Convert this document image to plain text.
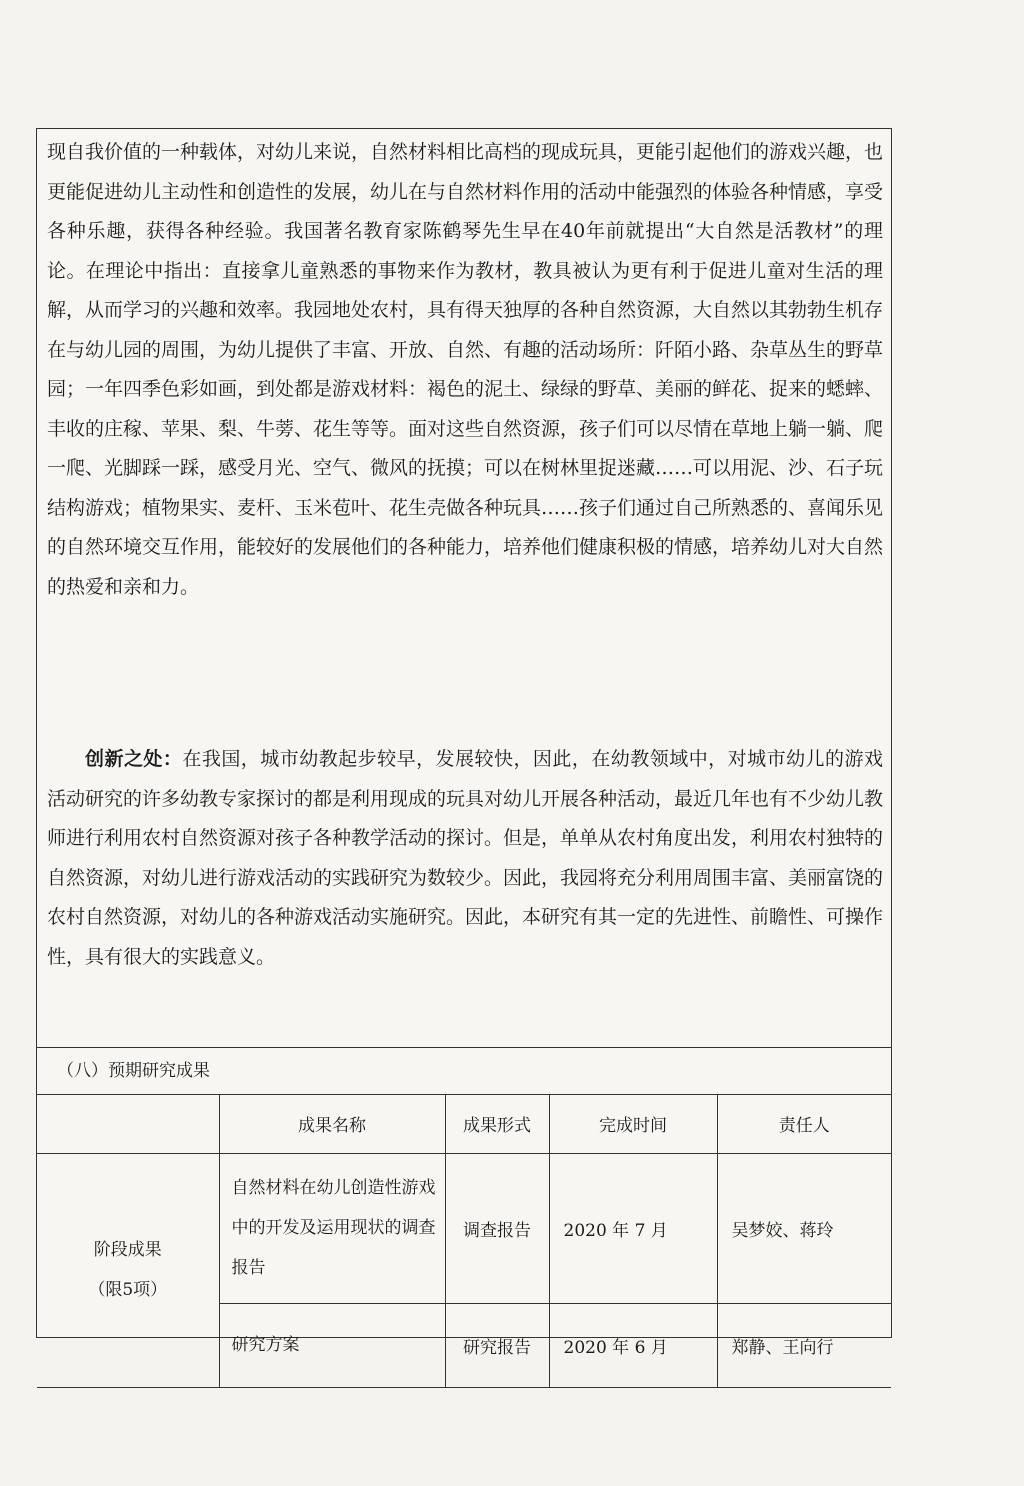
现自我价值的一种载体，对幼儿来说，自然材料相比高档的现成玩具，更能引起他们的游戏兴趣，也更能促进幼儿主动性和创造性的发展，幼儿在与自然材料作用的活动中能强烈的体验各种情感，享受各种乐趣，获得各种经验。我国著名教育家陈鹤琴先生早在40年前就提出“大自然是活教材”的理论。在理论中指出：直接拿儿童熟悉的事物来作为教材，教具被认为更有利于促进儿童对生活的理解，从而学习的兴趣和效率。我园地处农村，具有得天独厚的各种自然资源，大自然以其勃勃生机存在与幼儿园的周围，为幼儿提供了丰富、开放、自然、有趣的活动场所：阡陌小路、杂草丛生的野草园；一年四季色彩如画，到处都是游戏材料：褐色的泥土、绿绿的野草、美丽的鲜花、捉来的蟋蟀、丰收的庄稼、苹果、梨、牛蒡、花生等等。面对这些自然资源，孩子们可以尽情在草地上躺一躺、爬一爬、光脚踩一踩，感受月光、空气、微风的抚摸；可以在树林里捉迷藏……可以用泥、沙、石子玩结构游戏；植物果实、麦杆、玉米苞叶、花生壳做各种玩具……孩子们通过自己所熟悉的、喜闻乐见的自然环境交互作用，能较好的发展他们的各种能力，培养他们健康积极的情感，培养幼儿对大自然的热爱和亲和力。

创新之处：在我国，城市幼教起步较早，发展较快，因此，在幼教领域中，对城市幼儿的游戏活动研究的许多幼教专家探讨的都是利用现成的玩具对幼儿开展各种活动，最近几年也有不少幼儿教师进行利用农村自然资源对孩子各种教学活动的探讨。但是，单单从农村角度出发，利用农村独特的自然资源，对幼儿进行游戏活动的实践研究为数较少。因此，我园将充分利用周围丰富、美丽富饶的农村自然资源，对幼儿的各种游戏活动实施研究。因此，本研究有其一定的先进性、前瞻性、可操作性，具有很大的实践意义。

（八）预期研究成果
	成果名称	成果形式	完成时间	责任人

阶段成果
（限5项）	自然材料在幼儿创造性游戏中的开发及运用现状的调查报告	调查报告	2020 年 7 月	吴梦姣、蒋玲
	研究方案	研究报告	2020 年 6 月	郑静、王向行
